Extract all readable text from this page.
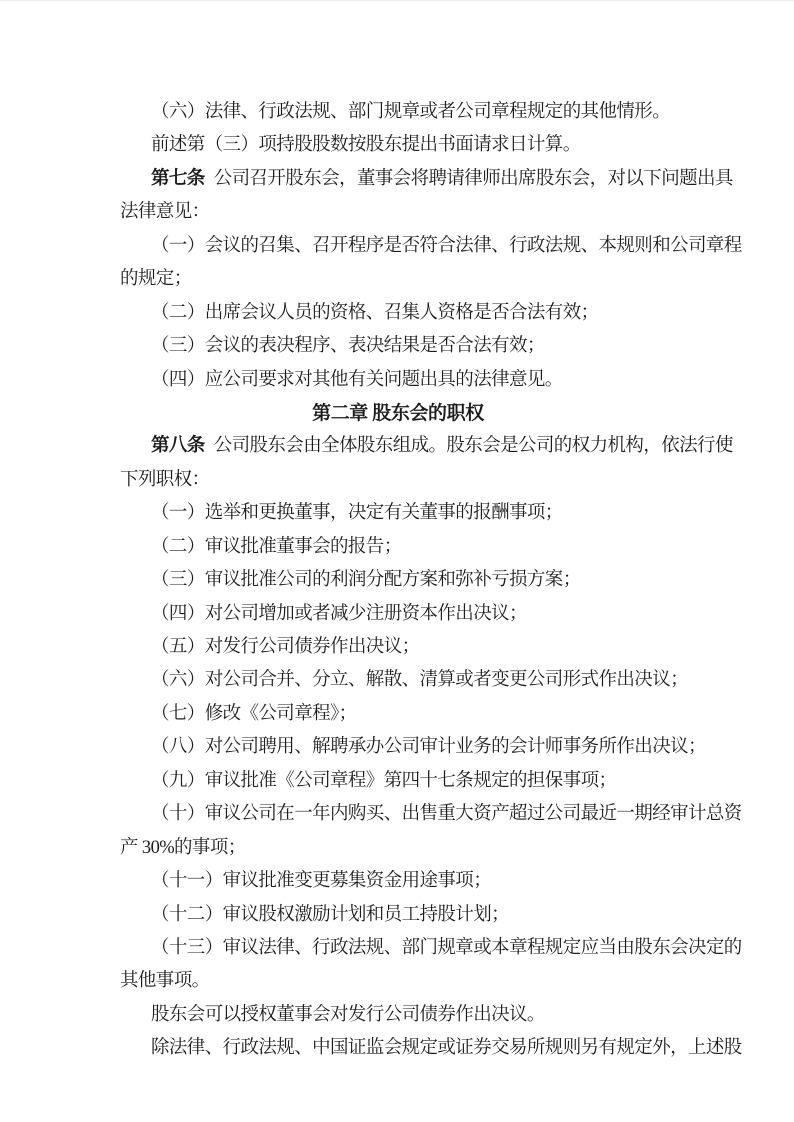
（六）法律、行政法规、部门规章或者公司章程规定的其他情形。
前述第（三）项持股股数按股东提出书面请求日计算。
第七条 公司召开股东会，董事会将聘请律师出席股东会，对以下问题出具
法律意见：
（一）会议的召集、召开程序是否符合法律、行政法规、本规则和公司章程
的规定；
（二）出席会议人员的资格、召集人资格是否合法有效；
（三）会议的表决程序、表决结果是否合法有效；
（四）应公司要求对其他有关问题出具的法律意见。
第二章 股东会的职权
第八条 公司股东会由全体股东组成。股东会是公司的权力机构，依法行使
下列职权：
（一）选举和更换董事，决定有关董事的报酬事项；
（二）审议批准董事会的报告；
（三）审议批准公司的利润分配方案和弥补亏损方案；
（四）对公司增加或者减少注册资本作出决议；
（五）对发行公司债券作出决议；
（六）对公司合并、分立、解散、清算或者变更公司形式作出决议；
（七）修改《公司章程》；
（八）对公司聘用、解聘承办公司审计业务的会计师事务所作出决议；
（九）审议批准《公司章程》第四十七条规定的担保事项；
（十）审议公司在一年内购买、出售重大资产超过公司最近一期经审计总资
产 30%的事项；
（十一）审议批准变更募集资金用途事项；
（十二）审议股权激励计划和员工持股计划；
（十三）审议法律、行政法规、部门规章或本章程规定应当由股东会决定的
其他事项。
股东会可以授权董事会对发行公司债券作出决议。
除法律、行政法规、中国证监会规定或证券交易所规则另有规定外，上述股
